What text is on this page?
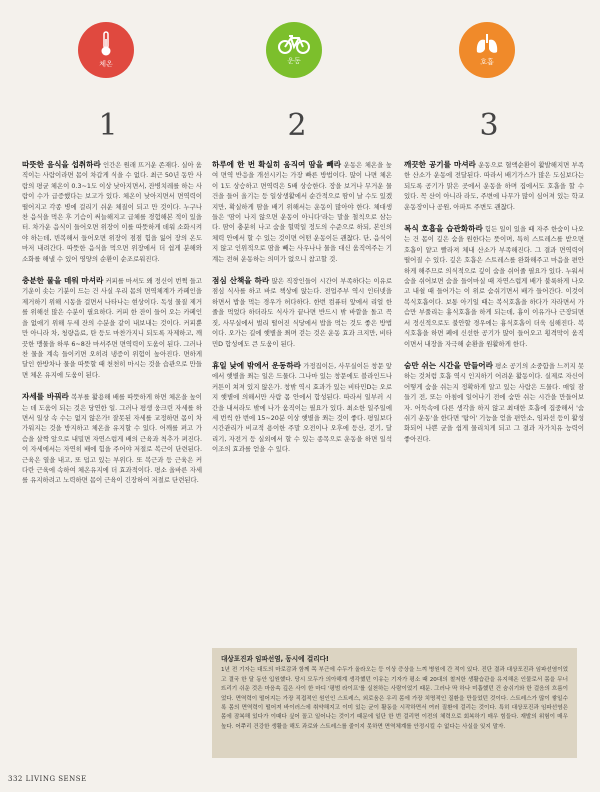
체온	운동	호흡
1	2	3

따뜻한 음식을 섭취하라 인간은 원래 뜨거운 존재다. 실아 움직이는 사람이라면 몸이 차갑게 식을 수 없다. 최근 50년 동안 사람의 평균 체온이 0.3~1도 이상 낮아지면서, 잔병치레를 하는 사람이 수가 급증했다는 보고가 있다. 체온이 낮아지면서 면역력이 떨어지고 각종 병에 걸리기 쉬운 체질이 되고 만 것이다. 누구나 찬 음식을 먹은 후 기슴이 써늘해지고 급체를 경험해본 적이 있을 터. 차가운 음식이 들어오면 위장이 이를 따뜻하게 데워 소화시켜야 하는데, 빈복해서 들어오면 위장이 점점 힘을 잃어 장의 온도마저 내려간다. 따뜻한 음식을 먹으면 위장에서 더 쉽게 분해와 소화를 해낼 수 있어 영양의 순환이 순조로워진다.

충분한 물을 데워 마셔라 커피를 마셔도 왜 정신이 번쩍 들고 기운이 솟는 기분이 드는 건 사실 우리 몸의 면역체계가 카페인을 제거하기 위해 시동을 걸면서 나타나는 현상이다. 독성 물질 제거를 위해선 많은 수분이 필요하다. 커피 한 잔이 들어 오는 카페인을 없애기 위해 두세 잔의 수분을 같이 내보내는 것이다. 커피뿐만 아니라 차, 청량음료, 탄 등도 마찬가지니 되도록 자제하고, 깨끗한 맹물을 하루 6~8잔 마셔주면 면역력이 도움이 된다. 그러나 찬 물을 계속 들이키면 오히려 냉증이 위험이 높아진다. 면하게 달인 한방차나 물을 따뜻할 때 천천히 마시는 것을 습관으로 만들면 체온 유지에 도움이 된다.

자세를 바꿔라 복부를 활용해 배를 따뜻하게 하면 체온을 높이는 데 도움이 되는 것은 당연한 일. 그러나 평생 웅크린 자세를 하면서 일상 속 수는 없지 않은가! 잘못된 자세를 교정하면 몸이 차가워지는 것을 방지하고 체온을 유지할 수 있다. 어깨를 펴고 가슴을 살짝 앞으로 내밀면 자연스럽게 배의 근육과 척추가 펴진다. 이 자세에서는 자연히 배에 힘을 주어야 저절로 복근이 단련된다. 근육은 열을 내고, 또 덥고 있는 부위다. 또 복근과 등 근육은 커다란 근육에 속하여 체온유지에 더 효과적이다. 평소 올바른 자세를 유지하려고 노력하면 몸이 근육이 긴장하여 저절로 단련된다.

하루에 한 번 확실히 움직여 땀을 빼라 운동은 체온을 높여 면역 반응을 개선시키는 가장 빠른 방법이다. 많이 나면 체온이 1도 상승하고 면역력은 5배 상승한다. 장을 보거나 무거운 물건을 들어 올기는 등 일상생활에서 순간적으로 땀이 날 수도 있겠지만, 확실하게 땀을 배기 위해서는 운동이 많아야 한다. 체대생들은 '땀이 나지 않으면 운동이 아니다'라는 말을 철칙으로 삼는다. 땀이 충분히 나고 숨을 헐떡일 정도의 수준으로 하되, 본인의 체력 안에서 할 수 있는 것이면 어떤 운동이든 괜찮다. 단, 음식이지 않고 인위적으로 땀을 빼는 사우나나 물을 대신 움직여주는 기계는 전혀 운동하는 의미가 없으니 참고할 것.

점심 산책을 하라 많은 직장인들이 시간이 부족하다는 이유로 점심 식사를 하고 바로 책상에 앉는다. 전업주부 역시 인터넷을 하면서 밥을 먹는 경우가 허다하다. 한번 컴퓨터 앞에서 리얼 한 줄을 먹었다 하더라도 식사가 끝나면 반드시 밖 바깥을 돌고 꼭 짓, 사무실에서 벌리 떨어진 식당에서 밥을 먹는 것도 좋은 방법이다. 오가는 길에 햇볕을 쬐며 걷는 것은 운동 효과 크지만, 비타민D 합성에도 큰 도움이 된다.

휴일 낮에 밖에서 운동하라 가정집이든, 사무실이든 창문 앞에서 햇볕을 쬐는 일은 드물다. 그나마 있는 창문에도 블라인드나 커튼이 쳐져 있지 않은가. 창밖 역시 효과가 있는 비타민D는 오로지 햇볕에 의해서만 사람 몸 안에서 합성된다. 따라서 일부러 시간을 내서라도 밖에 나가 움직이는 필요가 있다. 최소한 일주일에 세 번씩 한 번에 15~20분 이상 햇볕을 쬐는 것이 좋다. 평일보다 시간관리가 비교적 용이한 주말 오전이나 오후에 등산, 걷기, 달리기, 자전거 등 실외에서 할 수 있는 종목으로 운동을 하면 일석이조의 효과를 얻을 수 있다.

깨끗한 공기를 마셔라 운동으로 혈액순환이 활발해지면 부족한 산소가 운동에 전달된다. 따라서 배기가스가 많은 도심보다는 되도록 공기가 맑은 곳에서 운동을 하며 집에서도 호흡을 할 수 있다. 꼭 산이 아니라 라도, 주변에 나무가 많이 심어져 있는 학교 운동장이나 공원, 아파트 주변도 괜찮다.

복식 호흡을 습관화하라 힘든 일이 있을 때 자주 한숨이 나오는 건 몸이 깊은 숨을 원한다는 뜻이며, 특히 스트레스를 받으면 호흡이 얕고 빨라져 체내 산소가 부족해진다. 그 결과 면역력이 떨어질 수 있다. 깊은 호흡은 스트레스를 완화해주고 마음을 편안하게 해주므로 의식적으로 깊이 숨을 쉬어줄 필요가 있다. 누워서 숨을 쉬어보면 숨을 들이마실 때 자연스럽게 배가 불룩하게 나오고 내쉴 때 들어가는 이 위로 숨쉬기면서 배가 들어간다. 이것이 복식호흡이다. 보통 아기일 때는 복식호흡을 하다가 자라면서 가슴만 부풀리는 흉식호흡을 하게 되는데, 흉이 이유가나 근장되면서 정신적으로도 불안할 경우에는 흉식호흡이 더욱 심해진다. 복식호흡을 하면 폐에 신선한 공기가 많이 들어오고 횡격막이 움직이면서 내장을 자극해 순환을 원활하게 한다.

숨만 쉬는 시간을 만들어라 평소 공기의 소중함을 느끼지 못하는 것처럼 호흡 역시 인지하기 어려운 활동이다. 실제로 자신이 어떻게 숨을 쉬는지 정확하게 알고 있는 사람은 드물다. 매일 잠들기 전, 또는 아침에 일어나기 전에 숨만 쉬는 시간을 만들어보자. 어둑속에 다른 생각을 하지 않고 최대한 호흡에 집중해서 '숨쉬기 운동'을 한다면 '탐어' 기능을 얻을 편안소, 임파선 등이 활성화되어 나쁜 균을 쉽게 물리치게 되고 그 결과 자가치유 능력이 좋아진다.

대상포진과 임파선염, 동시에 걸리다!
1년 전 기자는 대도의 마로감과 함께 목 부근에 수두가 올라오는 등 이상 증상을 느껴 병원에 간 적이 있다. 진단 결과 대상포진과 임파선염이었고 결국 한 달 동안 입원했다. 당시 모두가 의아해계 생각했던 이유는 기자가 평소 때 20대의 철저한 생활습관을 유지해온 인물로서 몸을 무너뜨리기 쉬운 것은 마음속 깊은 사이 한 마디 '평범 라이프'를 실천하는 사람이었기 때문. 그러나 딱 하나 미흡했던 건 숨쉬기와 한 걸음의 흐름이었다. 면역력이 떨어지는 가장 직접적인 원인인 스트레스, 외로움은 우리 몸에 가장 치명적인 질환을 만들었던 것이다. 스트레스가 많이 쌓일수록 몸의 면역력이 떨어져 바이러스에 취약해지고 이미 있는 균이 활동을 시작하면서 여러 질환에 걸리는 것이다. 특히 대상포진과 임파선염은 몸에 잠복해 있다가 이때다 싶어 꼴고 일어나는 것이기 때문에 일단 한 번 걸리면 이전의 체력으로 회복하기 매우 힘들다. 재발의 위험이 매우 높다. 어쭈리 건강한 생활을 해도 과로와 스트레스를 줄이지 못하면 면역체계를 안정시킬 수 없다는 사실을 잊지 말자.
332 LIVING SENSE
